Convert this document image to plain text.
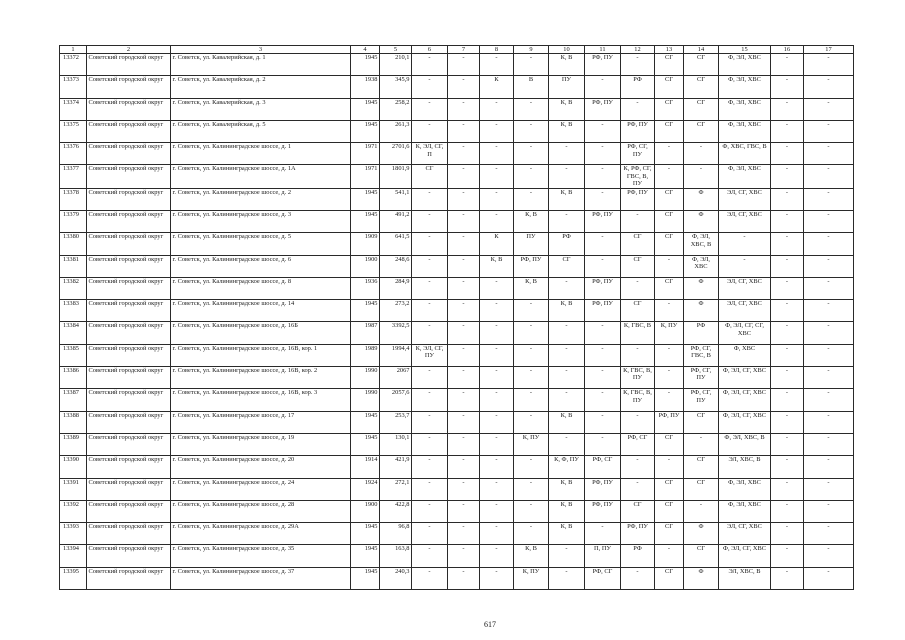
1	2	3	4	5	6	7	8	9	10	11	12	13	14	15	16	17
13372	Советский городской округ	г. Советск, ул. Кавалерийская, д. 1	1945	210,1	-	-	-	-	К, В	РФ, ПУ	-	СГ	СГ	Ф, ЭЛ, ХВС	-	-
13373	Советский городской округ	г. Советск, ул. Кавалерийская, д. 2	1938	345,9	-	-	К	В	ПУ	-	РФ	СГ	СГ	Ф, ЭЛ, ХВС	-	-
13374	Советский городской округ	г. Советск, ул. Кавалерийская, д. 3	1945	258,2	-	-	-	-	К, В	РФ, ПУ	-	СГ	СГ	Ф, ЭЛ, ХВС	-	-
13375	Советский городской округ	г. Советск, ул. Кавалерийская, д. 5	1945	261,3	-	-	-	-	К, В	-	РФ, ПУ	СГ	СГ	Ф, ЭЛ, ХВС	-	-
13376	Советский городской округ	г. Советск, ул. Калининградское шоссе, д. 1	1971	2701,6	К, ЭЛ, СГ, П	-	-	-	-	-	РФ, СГ, ПУ	-	-	Ф, ХВС, ГВС, В	-	-
13377	Советский городской округ	г. Советск, ул. Калининградское шоссе, д. 1А	1971	1801,9	СГ	-	-	-	-	-	К, РФ, СГ, ГВС, В, ПУ	-	-	Ф, ЭЛ, ХВС	-	-
13378	Советский городской округ	г. Советск, ул. Калининградское шоссе, д. 2	1945	541,1	-	-	-	-	К, В	-	РФ, ПУ	СГ	Ф	ЭЛ, СГ, ХВС	-	-
13379	Советский городской округ	г. Советск, ул. Калининградское шоссе, д. 3	1945	491,2	-	-	-	К, В	-	РФ, ПУ	-	СГ	Ф	ЭЛ, СГ, ХВС	-	-
13380	Советский городской округ	г. Советск, ул. Калининградское шоссе, д. 5	1909	641,5	-	-	К	ПУ	РФ	-	СГ	СГ	Ф, ЭЛ, ХВС, В	-	-	-
13381	Советский городской округ	г. Советск, ул. Калининградское шоссе, д. 6	1900	248,6	-	-	К, В	РФ, ПУ	СГ	-	СГ	-	Ф, ЭЛ, ХВС	-	-	-
13382	Советский городской округ	г. Советск, ул. Калининградское шоссе, д. 8	1936	284,9	-	-	-	К, В	-	РФ, ПУ	-	СГ	Ф	ЭЛ, СГ, ХВС	-	-
13383	Советский городской округ	г. Советск, ул. Калининградское шоссе, д. 14	1945	273,2	-	-	-	-	К, В	РФ, ПУ	СГ	-	Ф	ЭЛ, СГ, ХВС	-	-
13384	Советский городской округ	г. Советск, ул. Калининградское шоссе, д. 16Б	1987	3392,5	-	-	-	-	-	-	К, ГВС, В	К, ПУ	РФ	Ф, ЭЛ, СГ, СГ, ХВС	-	-
13385	Советский городской округ	г. Советск, ул. Калининградское шоссе, д. 16В, кор. 1	1989	1994,4	К, ЭЛ, СГ, ПУ	-	-	-	-	-	-	-	РФ, СГ, ГВС, В	Ф, ХВС	-	-
13386	Советский городской округ	г. Советск, ул. Калининградское шоссе, д. 16В, кор. 2	1990	2067	-	-	-	-	-	-	К, ГВС, В, ПУ	-	РФ, СГ, ПУ	Ф, ЭЛ, СГ, ХВС	-	-
13387	Советский городской округ	г. Советск, ул. Калининградское шоссе, д. 16В, кор. 3	1990	2057,6	-	-	-	-	-	-	К, ГВС, В, ПУ	-	РФ, СГ, ПУ	Ф, ЭЛ, СГ, ХВС	-	-
13388	Советский городской округ	г. Советск, ул. Калининградское шоссе, д. 17	1945	253,7	-	-	-	-	К, В	-	-	РФ, ПУ	СГ	Ф, ЭЛ, СГ, ХВС	-	-
13389	Советский городской округ	г. Советск, ул. Калининградское шоссе, д. 19	1945	130,1	-	-	-	К, ПУ	-	-	РФ, СГ	СГ	-	Ф, ЭЛ, ХВС, В	-	-
13390	Советский городской округ	г. Советск, ул. Калининградское шоссе, д. 20	1914	421,9	-	-	-	-	К, Ф, ПУ	РФ, СГ	-	-	СГ	ЭЛ, ХВС, В	-	-
13391	Советский городской округ	г. Советск, ул. Калининградское шоссе, д. 24	1924	272,1	-	-	-	-	К, В	РФ, ПУ	-	СГ	СГ	Ф, ЭЛ, ХВС	-	-
13392	Советский городской округ	г. Советск, ул. Калининградское шоссе, д. 28	1900	422,8	-	-	-	-	К, В	РФ, ПУ	СГ	СГ	-	Ф, ЭЛ, ХВС	-	-
13393	Советский городской округ	г. Советск, ул. Калининградское шоссе, д. 29А	1945	96,8	-	-	-	-	К, В	-	РФ, ПУ	СГ	Ф	ЭЛ, СГ, ХВС	-	-
13394	Советский городской округ	г. Советск, ул. Калининградское шоссе, д. 35	1945	163,8	-	-	-	К, В	-	П, ПУ	РФ	-	СГ	Ф, ЭЛ, СГ, ХВС	-	-
13395	Советский городской округ	г. Советск, ул. Калининградское шоссе, д. 37	1945	240,3	-	-	-	К, ПУ	-	РФ, СГ	-	СГ	Ф	ЭЛ, ХВС, В	-	-
617
